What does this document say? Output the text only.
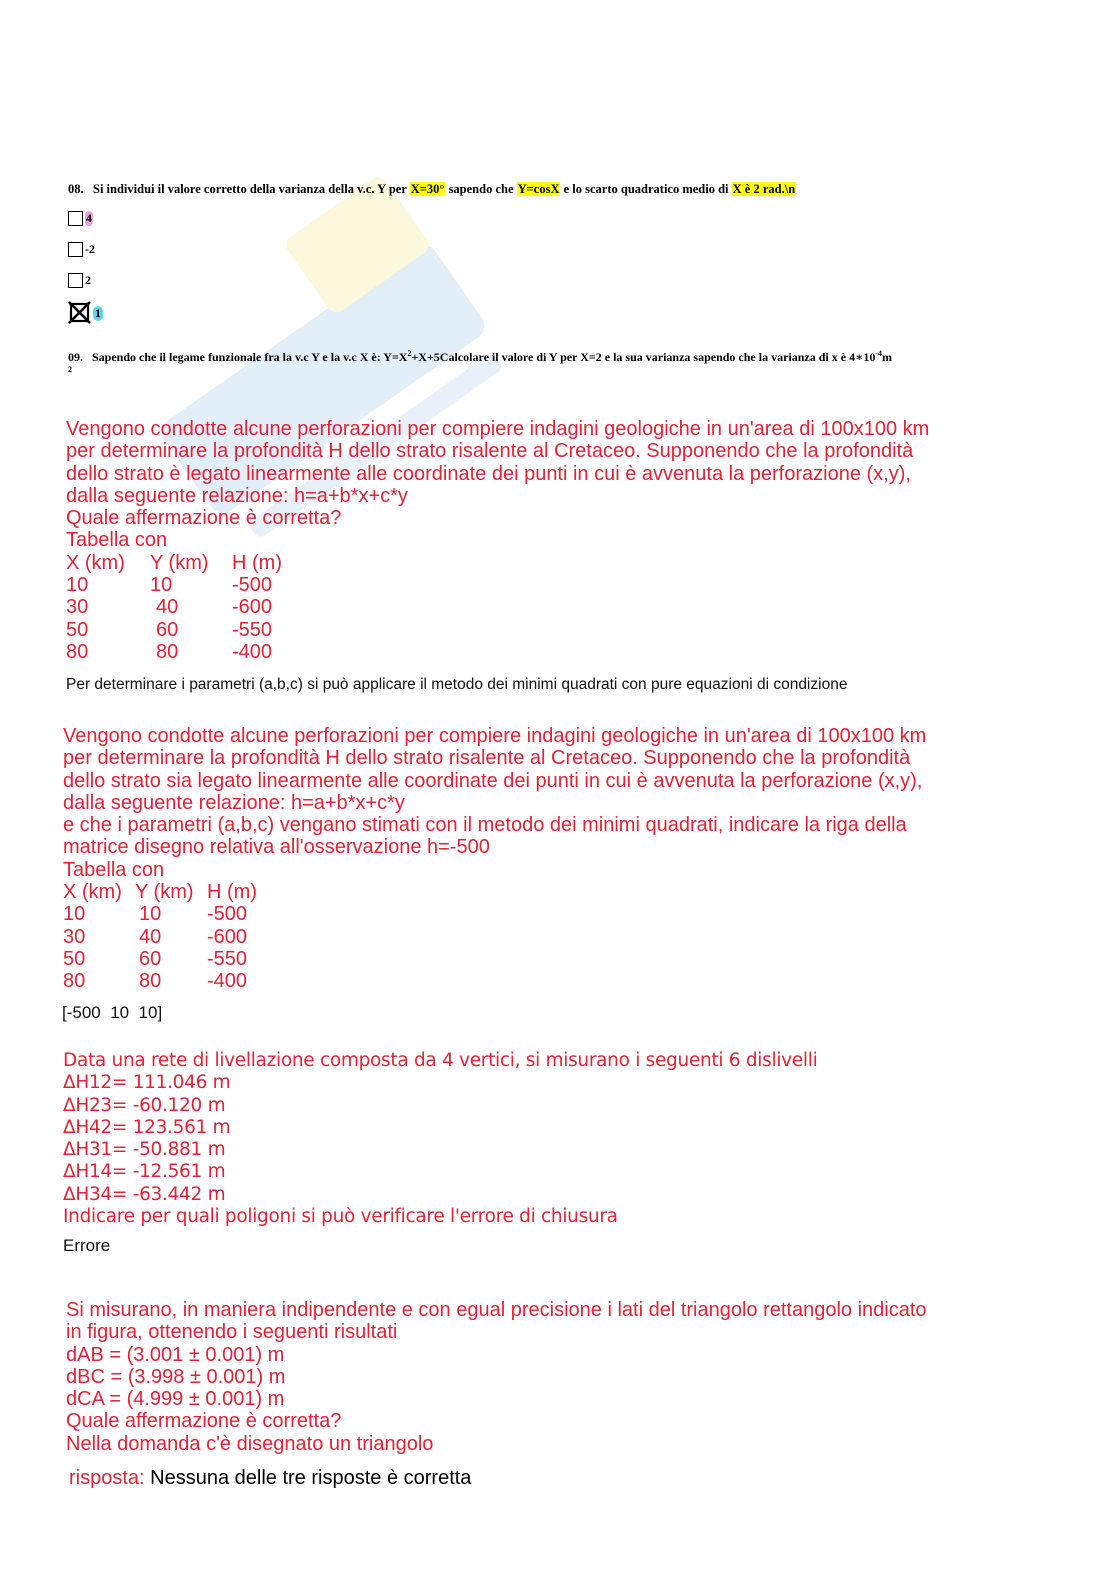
08. Si individui il valore corretto della varianza della v.c. Y per X=30° sapendo che Y=cosX e lo scarto quadratico medio di X è 2 rad.\n
4
-2
2
1
09. Sapendo che il legame funzionale fra la v.c Y e la v.c X è: $Y=X^2+X+5Calcolare$ il valore di Y per X=2 e la sua varianza sapendo che la varianza di x è $4∗10^{-4}m$
2
Vengono condotte alcune perforazioni per compiere indagini geologiche in un'area di 100x100 km
per determinare la profondità H dello strato risalente al Cretaceo. Supponendo che la profondità
dello strato è legato linearmente alle coordinate dei punti in cui è avvenuta la perforazione (x,y),
dalla seguente relazione: h=a+b*x+c*y
Quale affermazione è corretta?
Tabella con
X (km)	Y (km)	H (m)
10	10	-500
30	40	-600
50	60	-550
80	80	-400
Per determinare i parametri (a,b,c) si può applicare il metodo dei minimi quadrati con pure equazioni di condizione
Vengono condotte alcune perforazioni per compiere indagini geologiche in un'area di 100x100 km
per determinare la profondità H dello strato risalente al Cretaceo. Supponendo che la profondità
dello strato sia legato linearmente alle coordinate dei punti in cui è avvenuta la perforazione (x,y),
dalla seguente relazione: h=a+b*x+c*y
e che i parametri (a,b,c) vengano stimati con il metodo dei minimi quadrati, indicare la riga della
matrice disegno relativa all'osservazione h=-500
Tabella con
X (km) Y (km) H (m)
10	10	-500
30	40	-600
50	60	-550
80	80	-400
[-500  10  10]
Data una rete di livellazione composta da 4 vertici, si misurano i seguenti 6 dislivelli
ΔH12= 111.046 m
ΔH23= -60.120 m
ΔH42= 123.561 m
ΔH31= -50.881 m
ΔH14= -12.561 m
ΔH34= -63.442 m
Indicare per quali poligoni si può verificare l'errore di chiusura
Errore
Si misurano, in maniera indipendente e con egual precisione i lati del triangolo rettangolo indicato
in figura, ottenendo i seguenti risultati
dAB = (3.001 ± 0.001) m
dBC = (3.998 ± 0.001) m
dCA = (4.999 ± 0.001) m
Quale affermazione è corretta?
Nella domanda c'è disegnato un triangolo
risposta: Nessuna delle tre risposte è corretta
